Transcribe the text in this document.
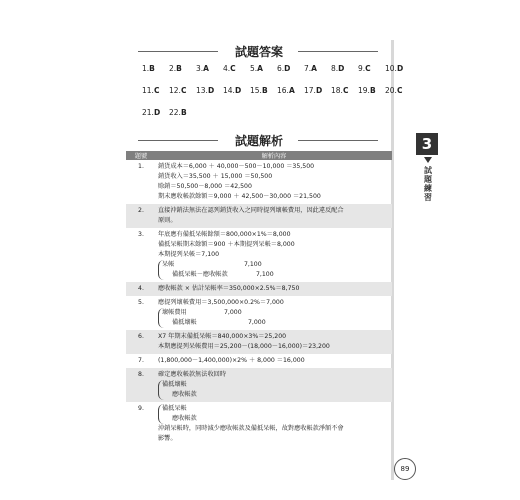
試題答案
1.B 2.B 3.A 4.C 5.A 6.D 7.A 8.D 9.C 10.D
11.C 12.C 13.D 14.D 15.B 16.A 17.D 18.C 19.B 20.C
21.D 22.B
試題解析
題號	解析內容
1.	銷貨成本＝6,000 ＋ 40,000－500－10,000 ＝35,500
銷貨收入＝35,500 ＋ 15,000 ＝50,500
賒銷＝50,500－8,000 ＝42,500
期末應收帳款餘額＝9,000 ＋ 42,500－30,000 ＝21,500

2.	直接沖銷法無法在認列銷貨收入之同時提列壞帳費用，因此違反配合
原則。

3.	年底應有備抵呆帳餘額＝800,000×1%＝8,000
備抵呆帳期末餘額＝900 ＋本期提列呆帳＝8,000
本期提列呆帳＝7,100
呆帳 7,100
備抵呆帳－應收帳款 7,100

4.	應收帳款 × 估計呆帳率＝350,000×2.5%＝8,750

5.	應提列壞帳費用＝3,500,000×0.2%＝7,000
壞帳費用 7,000
備抵壞帳 7,000

6.	X7 年期末備抵呆帳＝840,000×3%＝25,200
本期應提列呆帳費用＝25,200－(18,000－16,000)＝23,200

7.	(1,800,000－1,400,000)×2% ＋ 8,000 ＝16,000

8.	確定應收帳款無法收回時
備抵壞帳
應收帳款

9.	備抵呆帳
應收帳款
沖銷呆帳時，同時減少應收帳款及備抵呆帳，故對應收帳款淨額不會
影響。
3
試題練習
89
